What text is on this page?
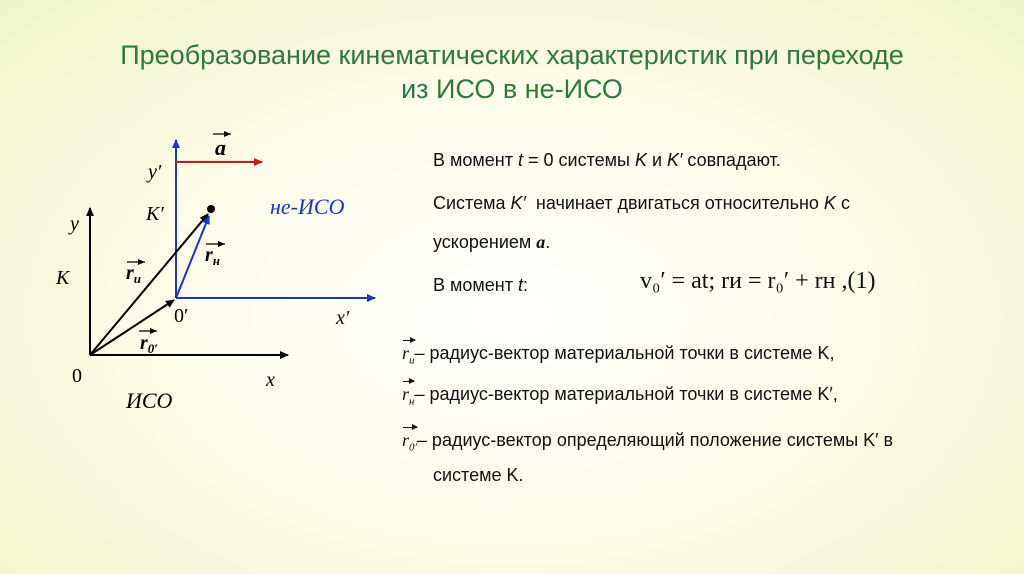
Преобразование кинематических характеристик при переходе
из ИСО в не-ИСО
y′
a
K′	не-ИСО
y
K	$r_и$
$r_н$
0′	x′
$r_{0'}$
0	x
ИСО
В момент t = 0 системы K и K′ совпадают.
Система K′  начинает двигаться относительно K с
ускорением a.
В момент t:	v₀′ = at; rи = r₀′ + rн ,(1)
$r_и-$ радиус-вектор материальной точки в системе K,
$r_н-$ радиус-вектор материальной точки в системе K′,
$r_{0'}-$ радиус-вектор определяющий положение системы K′ в
системе K.
